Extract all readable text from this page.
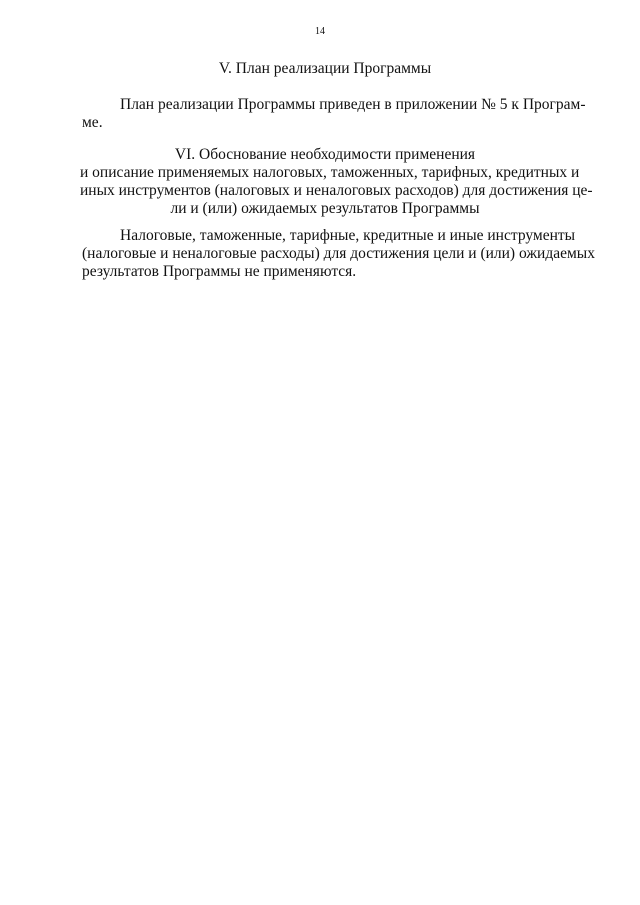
14
V. План реализации Программы
План реализации Программы приведен в приложении № 5 к Програм-
ме.
VI. Обоснование необходимости применения
и описание применяемых налоговых, таможенных, тарифных, кредитных и
иных инструментов (налоговых и неналоговых расходов) для достижения це-
ли и (или) ожидаемых результатов Программы
Налоговые, таможенные, тарифные, кредитные и иные инструменты
(налоговые и неналоговые расходы) для достижения цели и (или) ожидаемых
результатов Программы не применяются.
